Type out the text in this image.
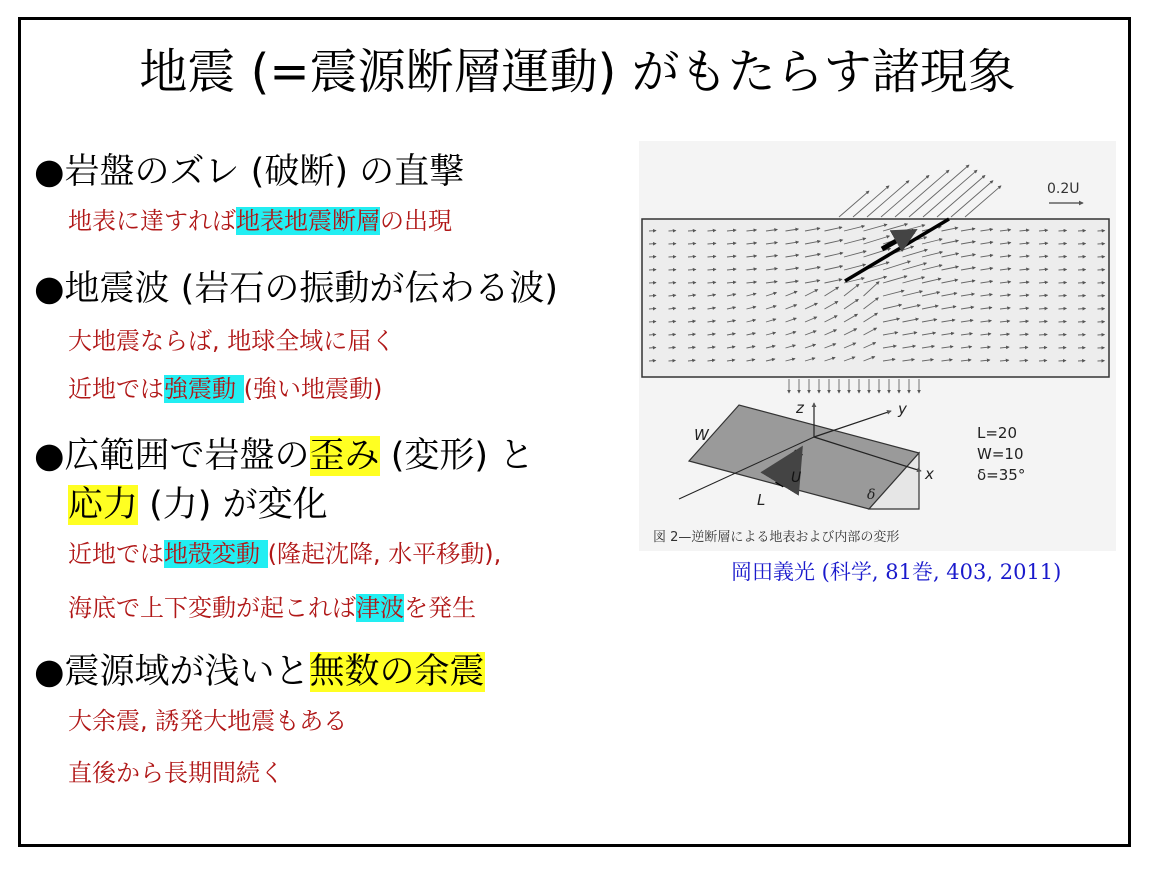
地震 (=震源断層運動) がもたらす諸現象
●岩盤のズレ (破断) の直撃
地表に達すれば地表地震断層の出現
●地震波 (岩石の振動が伝わる波)
大地震ならば, 地球全域に届く
近地では強震動 (強い地震動)
●広範囲で岩盤の歪み (変形) と
応力 (力) が変化
近地では地殻変動 (隆起沈降, 水平移動),
海底で上下変動が起これば津波を発生
●震源域が浅いと無数の余震
大余震, 誘発大地震もある
直後から長期間続く
0.2U
z	y
x
W
L
U
δ
L=20
W=10
δ=35°
図 2—逆断層による地表および内部の変形
岡田義光 (科学, 81巻, 403, 2011)
